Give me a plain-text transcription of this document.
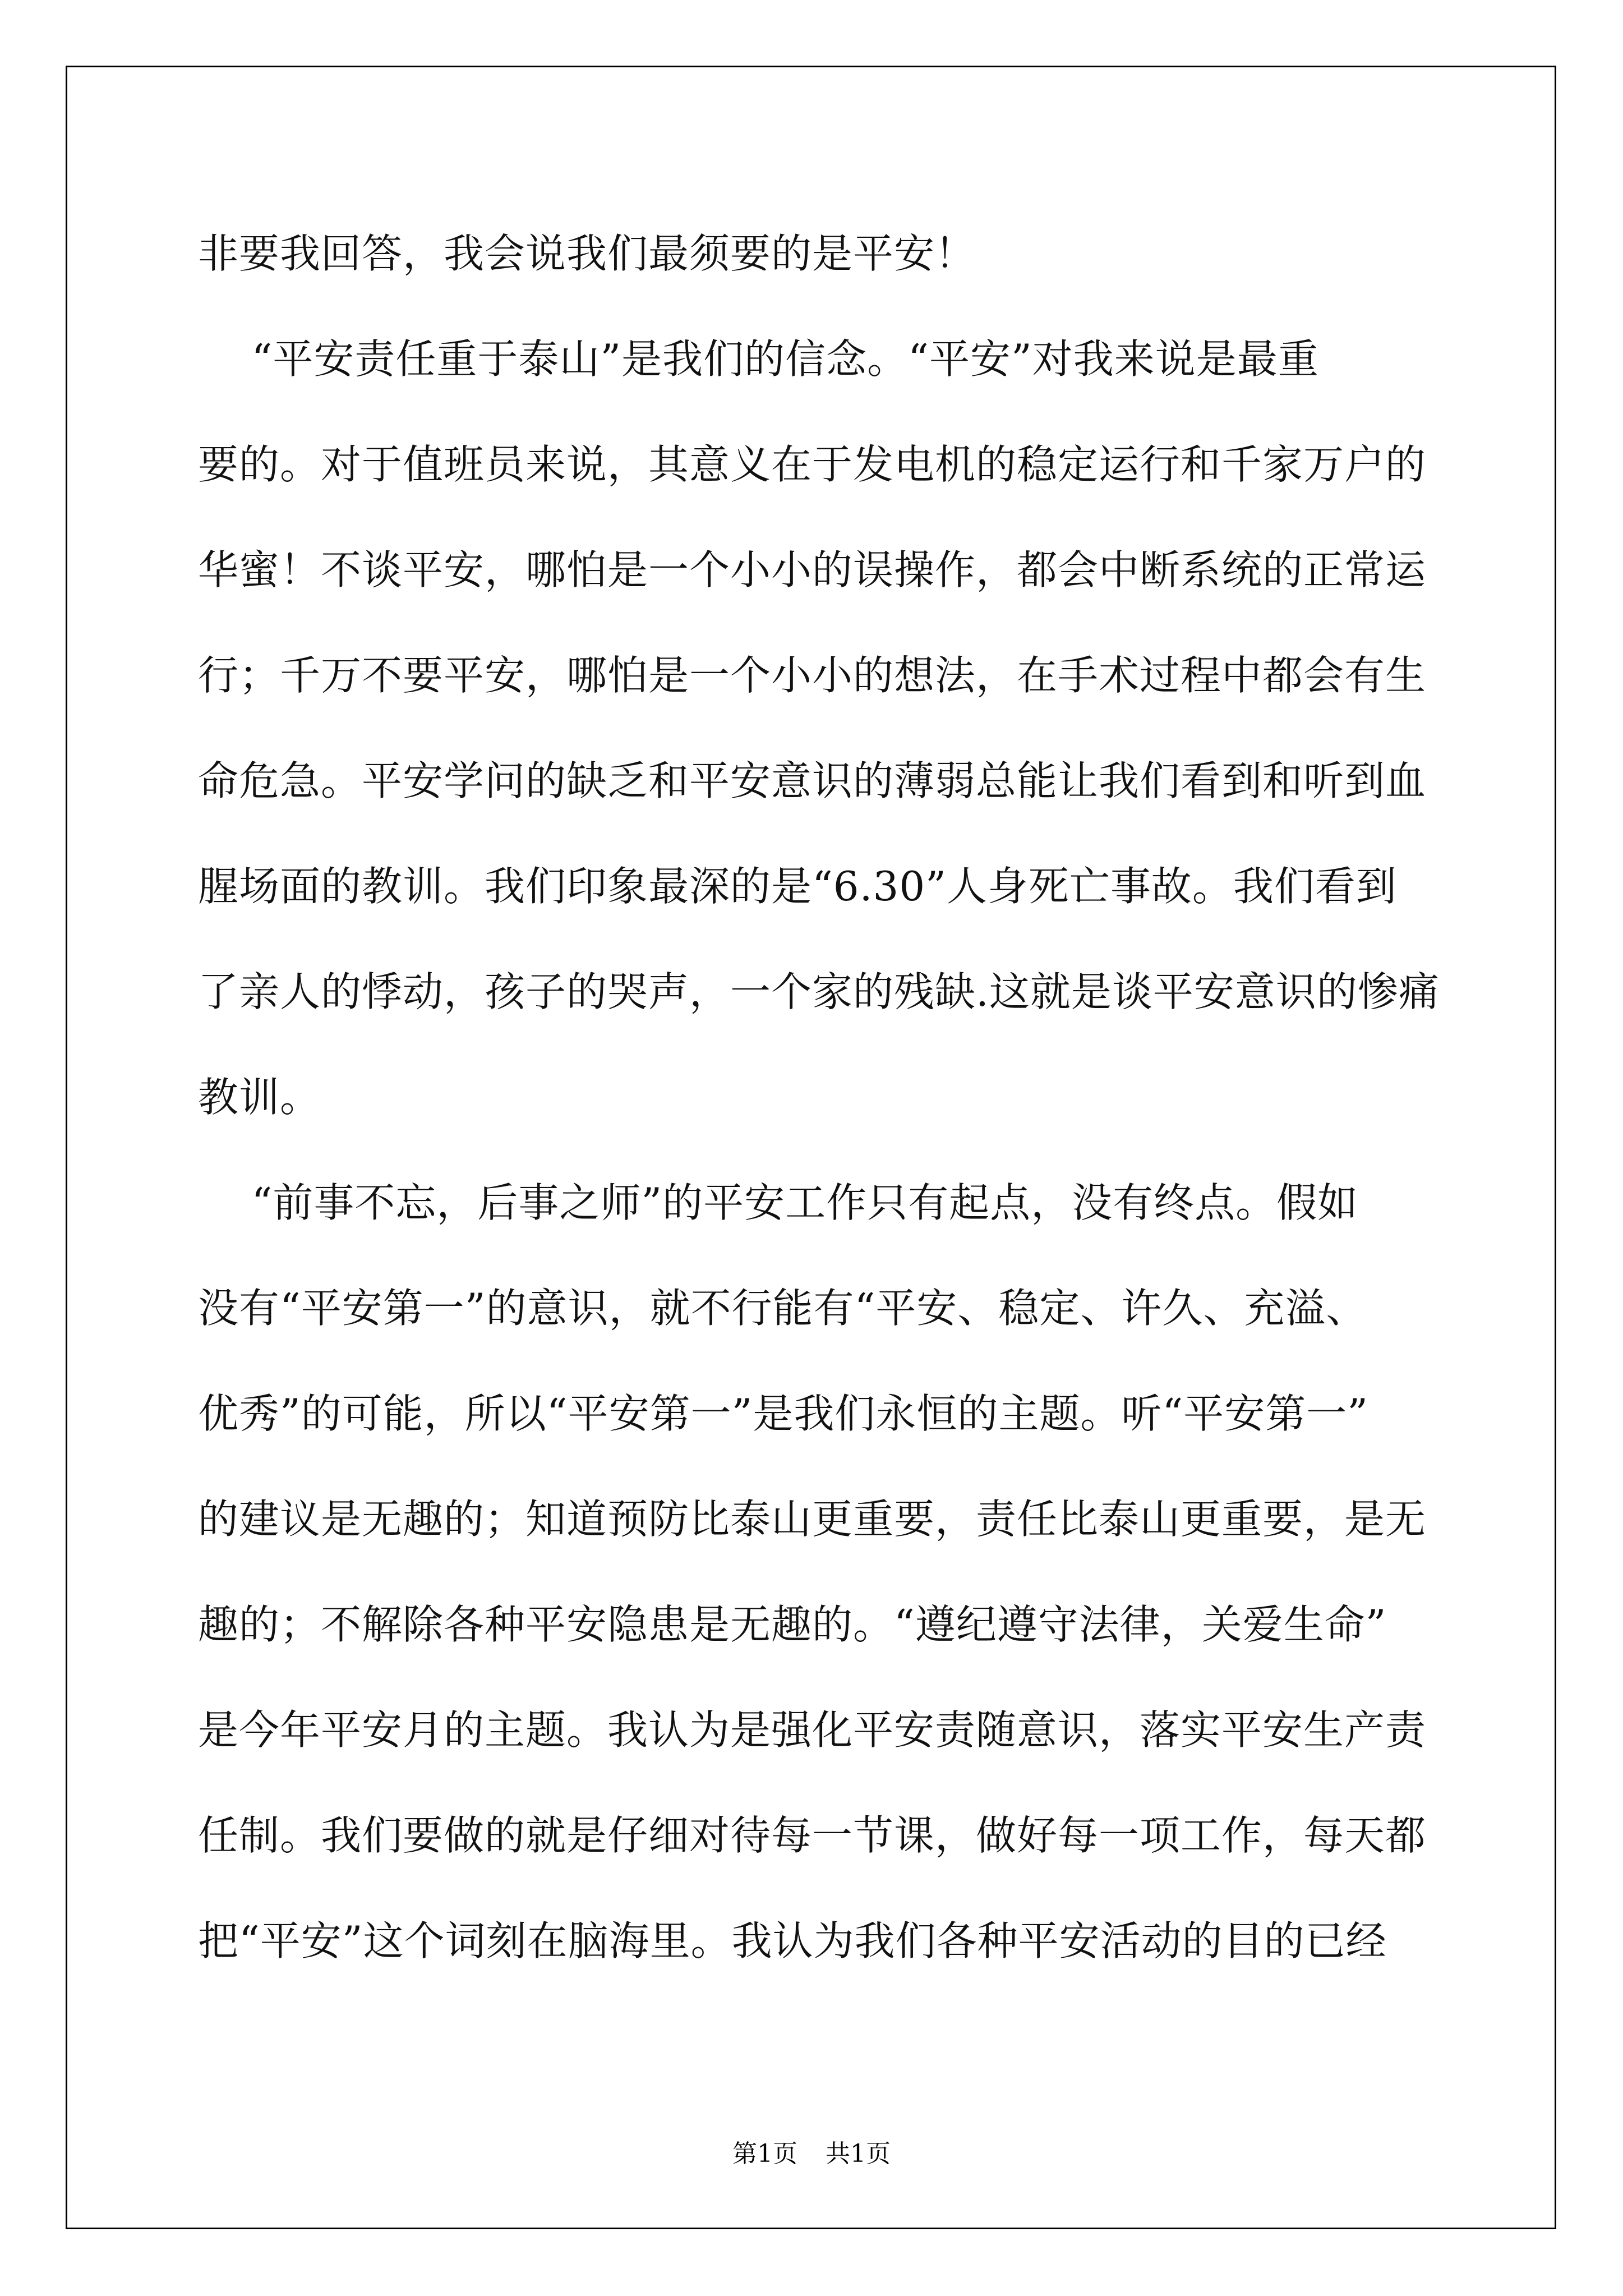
非要我回答，我会说我们最须要的是平安！
“平安责任重于泰山”是我们的信念。“平安”对我来说是最重
要的。对于值班员来说，其意义在于发电机的稳定运行和千家万户的
华蜜！不谈平安，哪怕是一个小小的误操作，都会中断系统的正常运
行；千万不要平安，哪怕是一个小小的想法，在手术过程中都会有生
命危急。平安学问的缺乏和平安意识的薄弱总能让我们看到和听到血
腥场面的教训。我们印象最深的是“6.30”人身死亡事故。我们看到
了亲人的悸动，孩子的哭声，一个家的残缺.这就是谈平安意识的惨痛
教训。
“前事不忘，后事之师”的平安工作只有起点，没有终点。假如
没有“平安第一”的意识，就不行能有“平安、稳定、许久、充溢、
优秀”的可能，所以“平安第一”是我们永恒的主题。听“平安第一”
的建议是无趣的；知道预防比泰山更重要，责任比泰山更重要，是无
趣的；不解除各种平安隐患是无趣的。“遵纪遵守法律，关爱生命”
是今年平安月的主题。我认为是强化平安责随意识，落实平安生产责
任制。我们要做的就是仔细对待每一节课，做好每一项工作，每天都
把“平安”这个词刻在脑海里。我认为我们各种平安活动的目的已经
第1页 共1页
